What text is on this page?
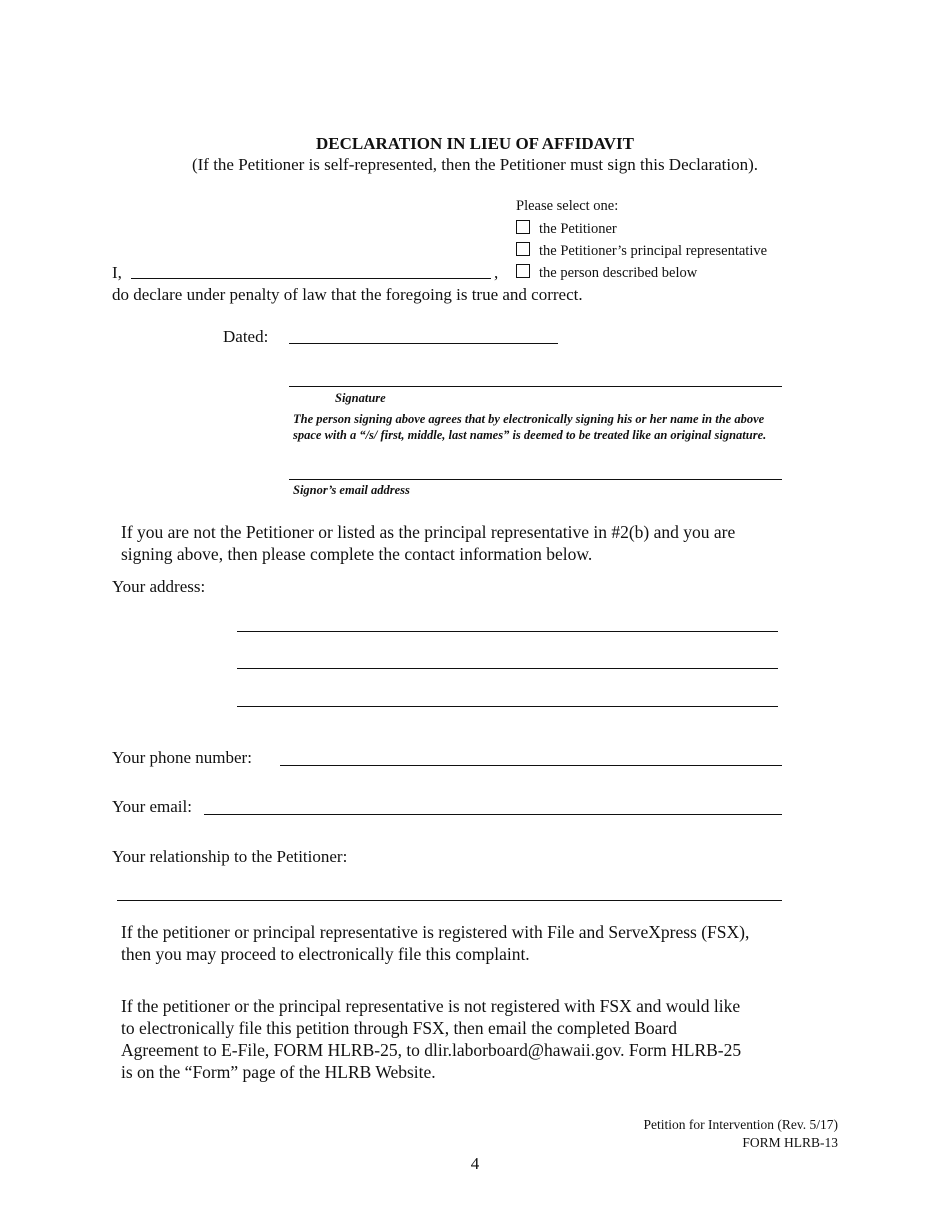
DECLARATION IN LIEU OF AFFIDAVIT
(If the Petitioner is self-represented, then the Petitioner must sign this Declaration).
Please select one:
the Petitioner
the Petitioner’s principal representative
the person described below
I,	,
do declare under penalty of law that the foregoing is true and correct.
Dated:
Signature
The person signing above agrees that by electronically signing his or her name in the above
space with a “/s/ first, middle, last names” is deemed to be treated like an original signature.
Signor’s email address
If you are not the Petitioner or listed as the principal representative in #2(b) and you are
signing above, then please complete the contact information below.
Your address:
Your phone number:
Your email:
Your relationship to the Petitioner:
If the petitioner or principal representative is registered with File and ServeXpress (FSX),
then you may proceed to electronically file this complaint.
If the petitioner or the principal representative is not registered with FSX and would like
to electronically file this petition through FSX, then email the completed Board
Agreement to E-File, FORM HLRB-25, to dlir.laborboard@hawaii.gov. Form HLRB-25
is on the “Form” page of the HLRB Website.
Petition for Intervention (Rev. 5/17)
FORM HLRB-13
4
